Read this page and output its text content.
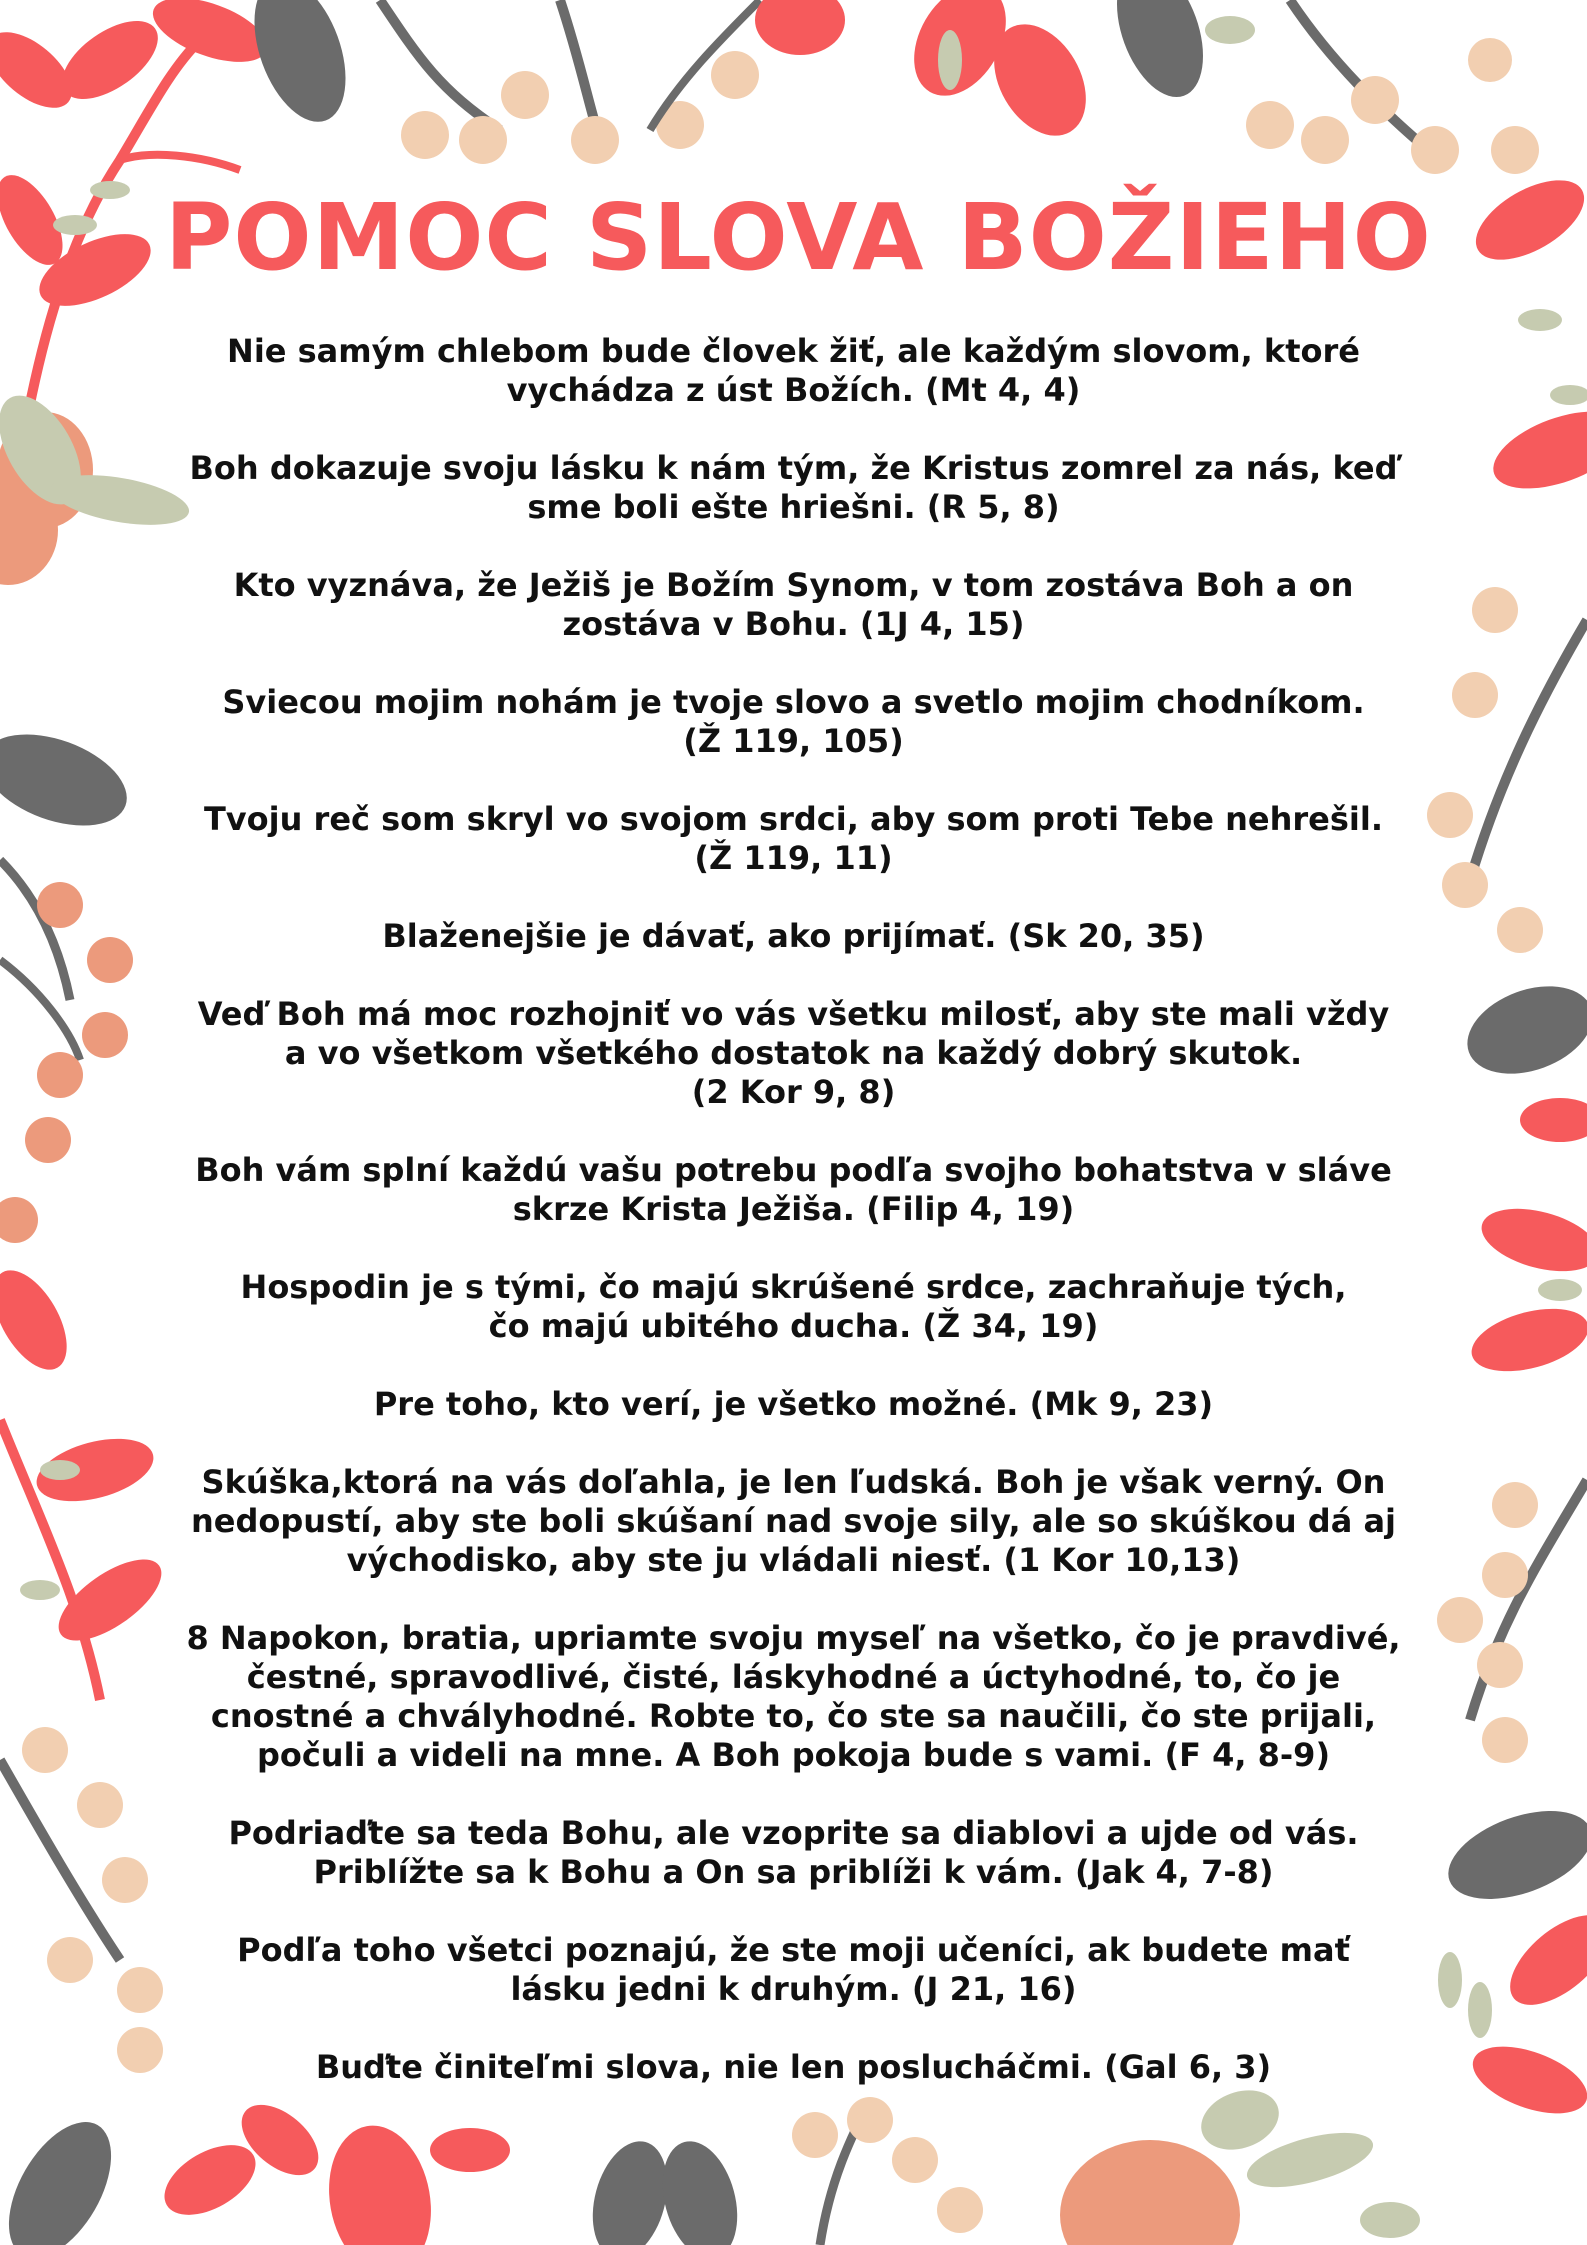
POMOC SLOVA BOŽIEHO

Nie samým chlebom bude človek žiť, ale každým slovom, ktoré
vychádza z úst Božích. (Mt 4, 4)

Boh dokazuje svoju lásku k nám tým, že Kristus zomrel za nás, keď
sme boli ešte hriešni. (R 5, 8)

Kto vyznáva, že Ježiš je Božím Synom, v tom zostáva Boh a on
zostáva v Bohu. (1J 4, 15)

Sviecou mojim nohám je tvoje slovo a svetlo mojim chodníkom.
(Ž 119, 105)

Tvoju reč som skryl vo svojom srdci, aby som proti Tebe nehrešil.
(Ž 119, 11)

Blaženejšie je dávať, ako prijímať. (Sk 20, 35)

Veď Boh má moc rozhojniť vo vás všetku milosť, aby ste mali vždy
a vo všetkom všetkého dostatok na každý dobrý skutok.
(2 Kor 9, 8)

Boh vám splní každú vašu potrebu podľa svojho bohatstva v sláve
skrze Krista Ježiša. (Filip 4, 19)

Hospodin je s tými, čo majú skrúšené srdce, zachraňuje tých,
čo majú ubitého ducha. (Ž 34, 19)

Pre toho, kto verí, je všetko možné. (Mk 9, 23)

Skúška,ktorá na vás doľahla, je len ľudská. Boh je však verný. On
nedopustí, aby ste boli skúšaní nad svoje sily, ale so skúškou dá aj
východisko, aby ste ju vládali niesť. (1 Kor 10,13)

8 Napokon, bratia, upriamte svoju myseľ na všetko, čo je pravdivé,
čestné, spravodlivé, čisté, láskyhodné a úctyhodné, to, čo je
cnostné a chvályhodné. Robte to, čo ste sa naučili, čo ste prijali,
počuli a videli na mne. A Boh pokoja bude s vami. (F 4, 8-9)

Podriaďte sa teda Bohu, ale vzoprite sa diablovi a ujde od vás.
Priblížte sa k Bohu a On sa priblíži k vám. (Jak 4, 7-8)

Podľa toho všetci poznajú, že ste moji učeníci, ak budete mať
lásku jedni k druhým. (J 21, 16)

Buďte činiteľmi slova, nie len poslucháčmi. (Gal 6, 3)
